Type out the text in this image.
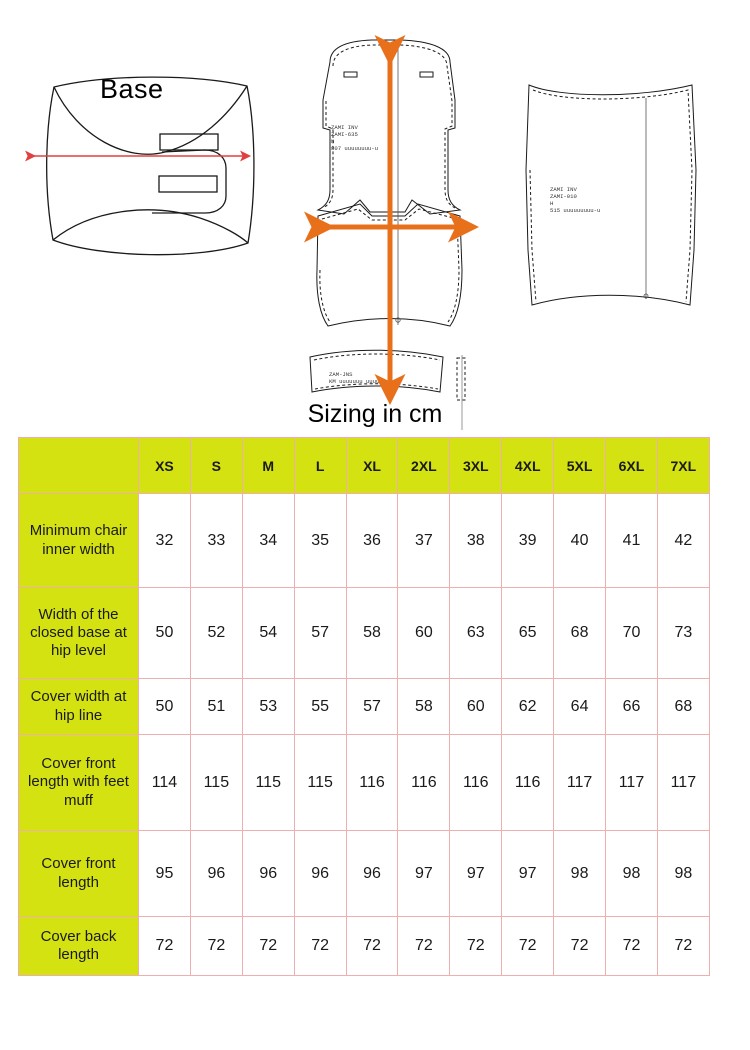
ZAMI INV
ZAMI-635
N
807 uuuuuuuu-u
ZAM-JNS
KM uuuuuuu uuuu-u
ZAMI INV
ZAMI-010
H
515 uuuuuuuuu-u
Base
Sizing in cm
	XS	S	M	L	XL	2XL	3XL	4XL	5XL	6XL	7XL
Minimum chair inner width	32	33	34	35	36	37	38	39	40	41	42
Width of the closed base at hip level	50	52	54	57	58	60	63	65	68	70	73
Cover width at hip line	50	51	53	55	57	58	60	62	64	66	68
Cover front length with feet muff	114	115	115	115	116	116	116	116	117	117	117
Cover front length	95	96	96	96	96	97	97	97	98	98	98
Cover back length	72	72	72	72	72	72	72	72	72	72	72
